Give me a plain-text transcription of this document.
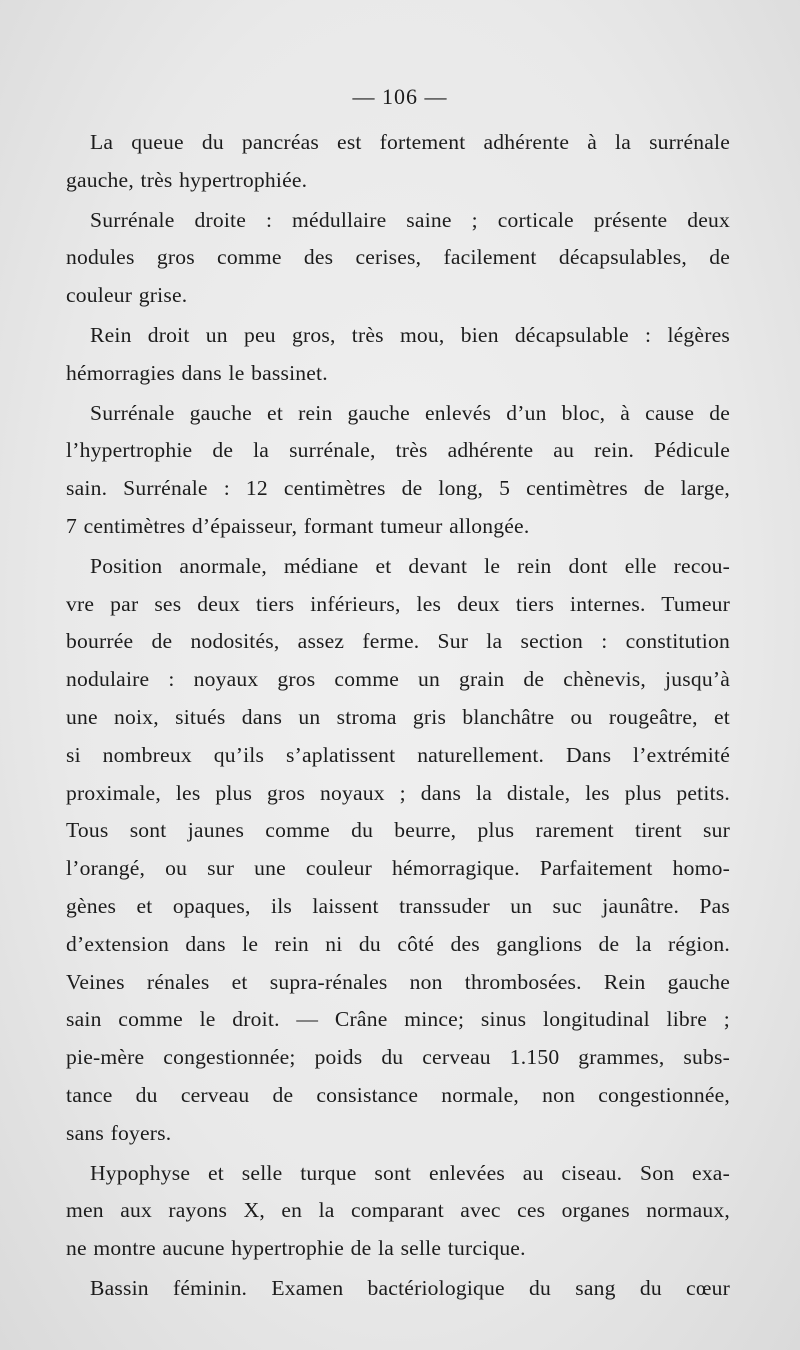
— 106 —
La queue du pancréas est fortement adhérente à la surrénale
gauche, très hypertrophiée.
Surrénale droite : médullaire saine ; corticale présente deux
nodules gros comme des cerises, facilement décapsulables, de
couleur grise.
Rein droit un peu gros, très mou, bien décapsulable : légères
hémorragies dans le bassinet.
Surrénale gauche et rein gauche enlevés d’un bloc, à cause de
l’hypertrophie de la surrénale, très adhérente au rein. Pédicule
sain. Surrénale : 12 centimètres de long, 5 centimètres de large,
7 centimètres d’épaisseur, formant tumeur allongée.
Position anormale, médiane et devant le rein dont elle recou-
vre par ses deux tiers inférieurs, les deux tiers internes. Tumeur
bourrée de nodosités, assez ferme. Sur la section : constitution
nodulaire : noyaux gros comme un grain de chènevis, jusqu’à
une noix, situés dans un stroma gris blanchâtre ou rougeâtre, et
si nombreux qu’ils s’aplatissent naturellement. Dans l’extrémité
proximale, les plus gros noyaux ; dans la distale, les plus petits.
Tous sont jaunes comme du beurre, plus rarement tirent sur
l’orangé, ou sur une couleur hémorragique. Parfaitement homo-
gènes et opaques, ils laissent transsuder un suc jaunâtre. Pas
d’extension dans le rein ni du côté des ganglions de la région.
Veines rénales et supra-rénales non thrombosées. Rein gauche
sain comme le droit. — Crâne mince; sinus longitudinal libre ;
pie-mère congestionnée; poids du cerveau 1.150 grammes, subs-
tance du cerveau de consistance normale, non congestionnée,
sans foyers.
Hypophyse et selle turque sont enlevées au ciseau. Son exa-
men aux rayons X, en la comparant avec ces organes normaux,
ne montre aucune hypertrophie de la selle turcique.
Bassin féminin. Examen bactériologique du sang du cœur
